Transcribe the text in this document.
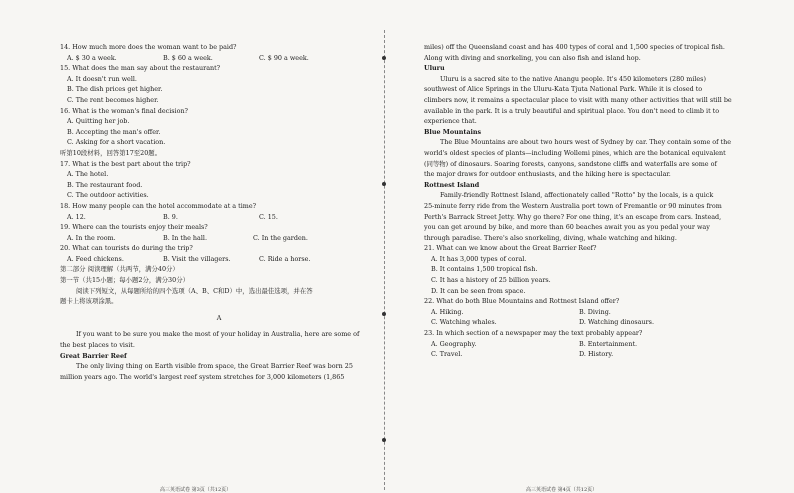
14. How much more does the woman want to be paid?
A. $ 30 a week.	B. $ 60 a week.	C. $ 90 a week.
15. What does the man say about the restaurant?
A. It doesn't run well.
B. The dish prices get higher.
C. The rent becomes higher.
16. What is the woman's final decision?
A. Quitting her job.
B. Accepting the man's offer.
C. Asking for a short vacation.
听第10段材料，回答第17至20题。
17. What is the best part about the trip?
A. The hotel.
B. The restaurant food.
C. The outdoor activities.
18. How many people can the hotel accommodate at a time?
A. 12.	B. 9.	C. 15.
19. Where can the tourists enjoy their meals?
A. In the room.	B. In the hall.	C. In the garden.
20. What can tourists do during the trip?
A. Feed chickens.	B. Visit the villagers.	C. Ride a horse.
第二部分 阅读理解（共两节，满分40分）
第一节（共15小题；每小题2分，满分30分）
阅读下列短文，从每题所给的四个选项（A、B、C和D）中，选出最佳选项，并在答
题卡上将该项涂黑。
A
If you want to be sure you make the most of your holiday in Australia, here are some of
the best places to visit.
Great Barrier Reef
The only living thing on Earth visible from space, the Great Barrier Reef was born 25
million years ago. The world's largest reef system stretches for 3,000 kilometers (1,865
高三英语试卷 第3页（共12页）
miles) off the Queensland coast and has 400 types of coral and 1,500 species of tropical fish.
Along with diving and snorkeling, you can also fish and island hop.
Uluru
Uluru is a sacred site to the native Anangu people. It's 450 kilometers (280 miles)
southwest of Alice Springs in the Uluru-Kata Tjuta National Park. While it is closed to
climbers now, it remains a spectacular place to visit with many other activities that will still be
available in the park. It is a truly beautiful and spiritual place. You don't need to climb it to
experience that.
Blue Mountains
The Blue Mountains are about two hours west of Sydney by car. They contain some of the
world's oldest species of plants—including Wollemi pines, which are the botanical equivalent
(同等物) of dinosaurs. Soaring forests, canyons, sandstone cliffs and waterfalls are some of
the major draws for outdoor enthusiasts, and the hiking here is spectacular.
Rottnest Island
Family-friendly Rottnest Island, affectionately called "Rotto" by the locals, is a quick
25-minute ferry ride from the Western Australia port town of Fremantle or 90 minutes from
Perth's Barrack Street Jetty. Why go there? For one thing, it's an escape from cars. Instead,
you can get around by bike, and more than 60 beaches await you as you pedal your way
through paradise. There's also snorkeling, diving, whale watching and hiking.
21. What can we know about the Great Barrier Reef?
A. It has 3,000 types of coral.
B. It contains 1,500 tropical fish.
C. It has a history of 25 billion years.
D. It can be seen from space.
22. What do both Blue Mountains and Rottnest Island offer?
A. Hiking.	B. Diving.
C. Watching whales.	D. Watching dinosaurs.
23. In which section of a newspaper may the text probably appear?
A. Geography.	B. Entertainment.
C. Travel.	D. History.
高三英语试卷 第4页（共12页）
